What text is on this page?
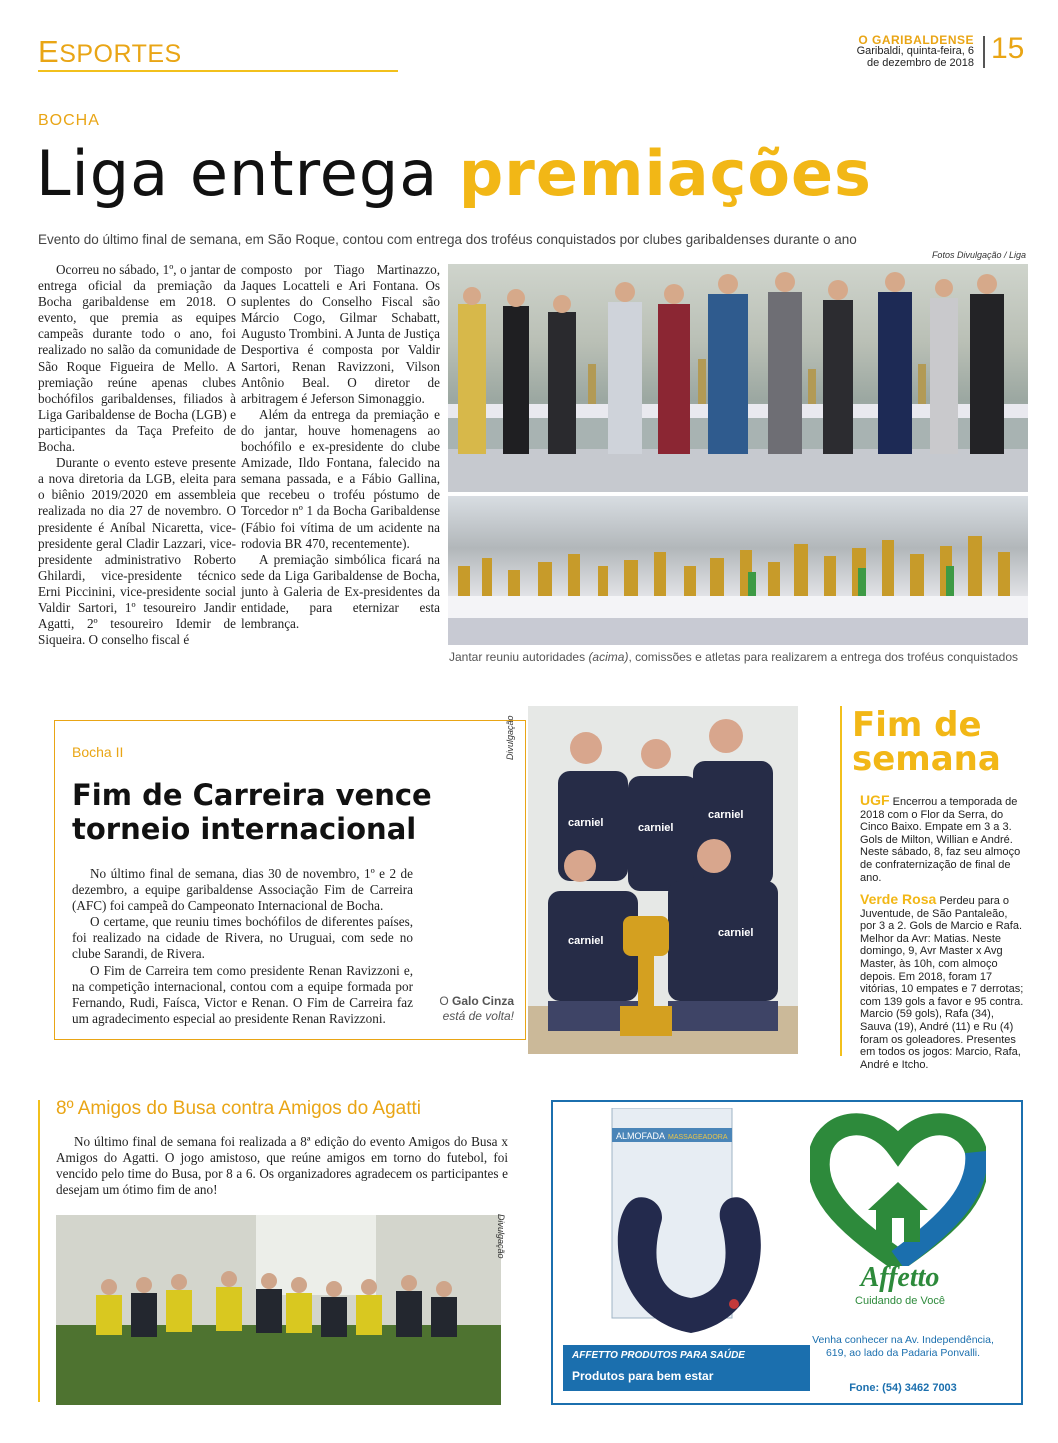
ESPORTES	O GARIBALDENSE
Garibaldi, quinta-feira, 6 de dezembro de 2018 15
BOCHA
Liga entrega premiações
Evento do último final de semana, em São Roque, contou com entrega dos troféus conquistados por clubes garibaldenses durante o ano
Fotos Divulgação / Liga

Ocorreu no sábado, 1º, o jantar de entrega oficial da premiação da Bocha garibaldense em 2018. O evento, que premia as equipes campeãs durante todo o ano, foi realizado no salão da comunidade de São Roque Figueira de Mello. A premiação reúne apenas clubes bochófilos garibaldenses, filiados à Liga Garibaldense de Bocha (LGB) e participantes da Taça Prefeito de Bocha.

Durante o evento esteve presente a nova diretoria da LGB, eleita para o biênio 2019/2020 em assembleia realizada no dia 27 de novembro. O presidente é Aníbal Nicaretta, vice-presidente geral Cladir Lazzari, vice-presidente administrativo Roberto Ghilardi, vice-presidente técnico Erni Piccinini, vice-presidente social Valdir Sartori, 1º tesoureiro Jandir Agatti, 2º tesoureiro Idemir de Siqueira. O conselho fiscal é

composto por Tiago Martinazzo, Jaques Locatteli e Ari Fontana. Os suplentes do Conselho Fiscal são Márcio Cogo, Gilmar Schabatt, Augusto Trombini. A Junta de Justiça Desportiva é composta por Valdir Sartori, Renan Ravizzoni, Vilson Antônio Beal. O diretor de arbitragem é Jeferson Simonaggio.

Além da entrega da premiação e do jantar, houve homenagens ao bochófilo e ex-presidente do clube Amizade, Ildo Fontana, falecido na semana passada, e a Fábio Gallina, que recebeu o troféu póstumo de Torcedor nº 1 da Bocha Garibaldense (Fábio foi vítima de um acidente na rodovia BR 470, recentemente).

A premiação simbólica ficará na sede da Liga Garibaldense de Bocha, junto à Galeria de Ex-presidentes da entidade, para eternizar esta lembrança.

Jantar reuniu autoridades (acima), comissões e atletas para realizarem a entrega dos troféus conquistados
Bocha II
Fim de Carreira vence torneio internacional

No último final de semana, dias 30 de novembro, 1º e 2 de dezembro, a equipe garibaldense Associação Fim de Carreira (AFC) foi campeã do Campeonato Internacional de Bocha.

O certame, que reuniu times bochófilos de diferentes países, foi realizado na cidade de Rivera, no Uruguai, com sede no clube Sarandi, de Rivera.

O Fim de Carreira tem como presidente Renan Ravizzoni e, na competição internacional, contou com a equipe formada por Fernando, Rudi, Faísca, Victor e Renan. O Fim de Carreira faz um agradecimento especial ao presidente Renan Ravizzoni.

O Galo Cinza
está de volta!
Divulgação
carniel	carniel
carniel
carniel
carniel
Fim de
semana
UGF Encerrou a temporada de 2018 com o Flor da Serra, do Cinco Baixo. Empate em 3 a 3. Gols de Milton, Willian e André. Neste sábado, 8, faz seu almoço de confraternização de final de ano.
Verde Rosa Perdeu para o Juventude, de São Pantaleão, por 3 a 2. Gols de Marcio e Rafa. Melhor da Avr: Matias. Neste domingo, 9, Avr Master x Avg Master, às 10h, com almoço depois. Em 2018, foram 17 vitórias, 10 empates e 7 derrotas; com 139 gols a favor e 95 contra. Marcio (59 gols), Rafa (34), Sauva (19), André (11) e Ru (4) foram os goleadores. Presentes em todos os jogos: Marcio, Rafa, André e Itcho.
8º Amigos do Busa contra Amigos do Agatti

No último final de semana foi realizada a 8ª edição do evento Amigos do Busa x Amigos do Agatti. O jogo amistoso, que reúne amigos em torno do futebol, foi vencido pelo time do Busa, por 8 a 6. Os organizadores agradecem os participantes e desejam um ótimo fim de ano!

Divulgação
ALMOFADA MASSAGEADORA
Affetto
Cuidando de Você
Venha conhecer na Av. Independência, 619, ao lado da Padaria Ponvalli.
Fone: (54) 3462 7003
AFFETTO PRODUTOS PARA SAÚDE
Produtos para bem estar
